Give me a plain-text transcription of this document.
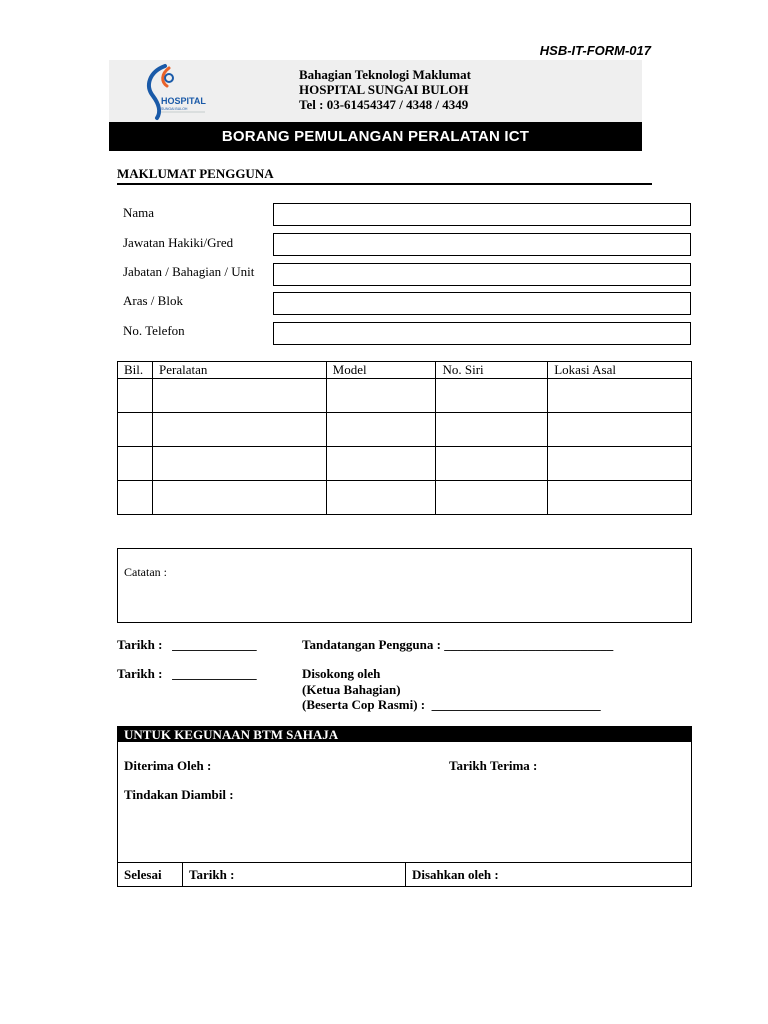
HSB-IT-FORM-017
HOSPITAL
SUNGAI BULOH
Bahagian Teknologi Maklumat
HOSPITAL SUNGAI BULOH
Tel : 03-61454347 / 4348 / 4349
BORANG PEMULANGAN PERALATAN ICT
MAKLUMAT PENGGUNA
Nama
Jawatan Hakiki/Gred
Jabatan / Bahagian / Unit
Aras / Blok
No. Telefon
Bil.	Peralatan	Model	No. Siri	Lokasi Asal

Catatan :
Tarikh :   _____________	Tandatangan Pengguna : __________________________
Tarikh :   _____________	Disokong oleh
(Ketua Bahagian)
(Beserta Cop Rasmi) :  __________________________
UNTUK KEGUNAAN BTM SAHAJA
Diterima Oleh :	Tarikh Terima :
Tindakan Diambil :
Selesai	Tarikh :	Disahkan oleh :
